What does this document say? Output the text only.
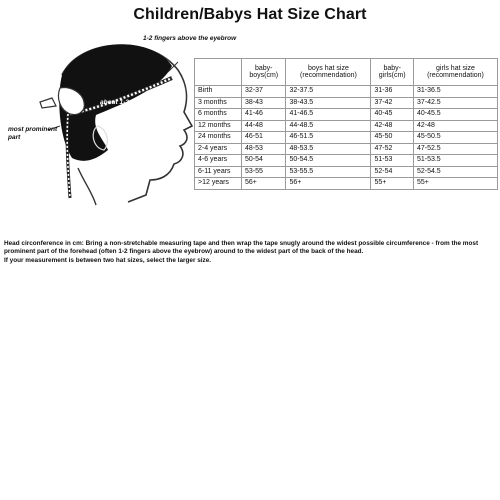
Children/Babys Hat Size Chart
1-2 fingers above the eyebrow
about 1-2 above
most prominent part
	baby-boys(cm)	boys hat size (recommendation)	baby-girls(cm)	girls hat size (recommendation)
Birth	32-37	32-37.5	31-36	31-36.5
3 months	38-43	38-43.5	37-42	37-42.5
6 months	41-46	41-46.5	40-45	40-45.5
12 months	44-48	44-48.5	42-48	42-48
24 months	46-51	46-51.5	45-50	45-50.5
2-4 years	48-53	48-53.5	47-52	47-52.5
4-6 years	50-54	50-54.5	51-53	51-53.5
6-11 years	53-55	53-55.5	52-54	52-54.5
>12 years	56+	56+	55+	55+

Head circonference in cm: Bring a non-stretchable measuring tape and then wrap the tape snugly around the widest possible circumference - from the most prominent part of the forehead (often 1-2 fingers above the eyebrow) around to the widest part of the back of the head.

If your measurement is between two hat sizes, select the larger size.
